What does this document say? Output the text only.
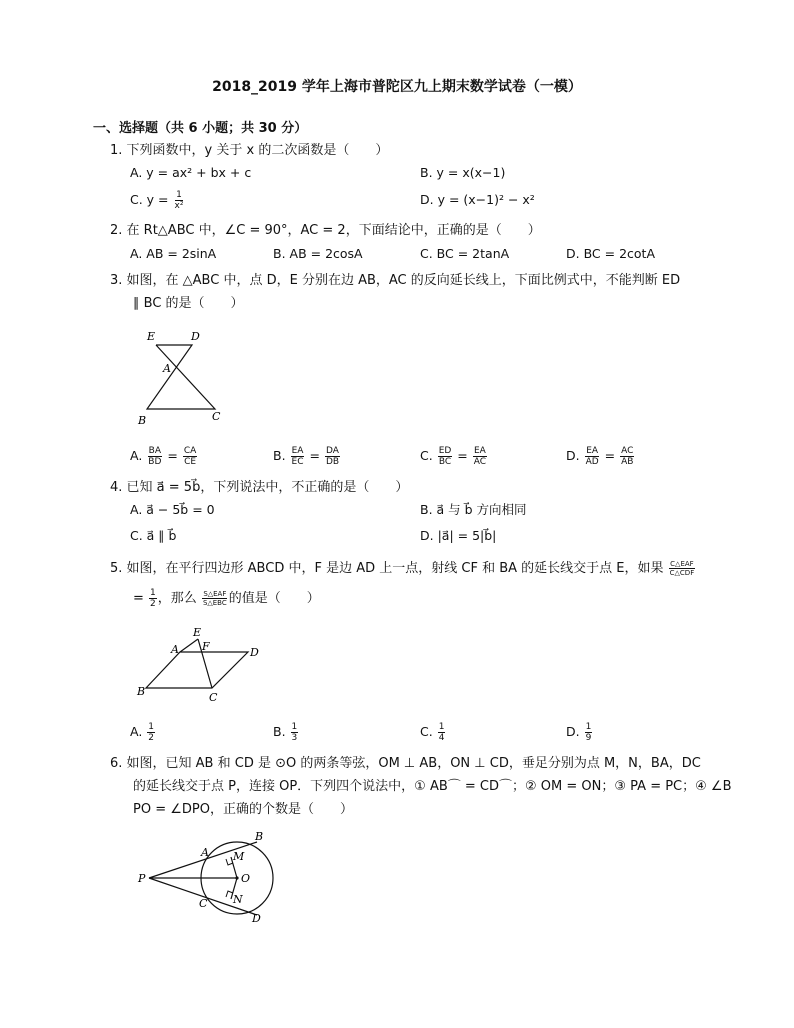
2018_2019 学年上海市普陀区九上期末数学试卷（一模）
一、选择题（共 6 小题；共 30 分）
1. 下列函数中，y 关于 x 的二次函数是（　　）
A. y = ax² + bx + c	B. y = x(x−1)
C. $y = \frac{1}{\text{x²}}$	D. y = (x−1)² − x²
2. 在 Rt△ABC 中，∠C = 90°，AC = 2，下面结论中，正确的是（　　）
A. AB = 2sinA	B. AB = 2cosA	C. BC = 2tanA	D. BC = 2cotA
3. 如图，在 △ABC 中，点 D，E 分别在边 AB，AC 的反向延长线上，下面比例式中，不能判断 ED
∥ BC 的是（　　）
E	D
A
B	C
A. $\frac{BA}{BD} = \frac{CA}{CE}$	B. $\frac{EA}{EC} = \frac{DA}{DB}$	C. $\frac{ED}{BC} = \frac{EA}{AC}$	D. $\frac{EA}{AD} = \frac{AC}{AB}$
4. 已知 a⃗ = 5b⃗，下列说法中，不正确的是（　　）
A. a⃗ − 5b⃗ = 0	B. a⃗ 与 b⃗ 方向相同
C. a⃗ ∥ b⃗	D. |a⃗| = 5|b⃗|
5. 如图，在平行四边形 ABCD 中，F 是边 AD 上一点，射线 CF 和 BA 的延长线交于点 E，如果 $\frac{\text{C△EAF}}{\text{C△CDF}}$
= $\frac{1}{2}$ ，那么 $\frac{\text{S△EAF}}{\text{S△EBC}}$ 的值是（　　）
E
A F	D
B	C
A. $\frac{1}{2}$	B. $\frac{1}{3}$	C. $\frac{1}{4}$	D. $\frac{1}{9}$
6. 如图，已知 AB 和 CD 是 ⊙O 的两条等弦，OM ⊥ AB，ON ⊥ CD，垂足分别为点 M，N，BA，DC
的延长线交于点 P，连接 OP．下列四个说法中，① AB⌒ = CD⌒；② OM = ON；③ PA = PC；④ ∠B
PO = ∠DPO，正确的个数是（　　）
P
A
B
M
O
N
C
D
